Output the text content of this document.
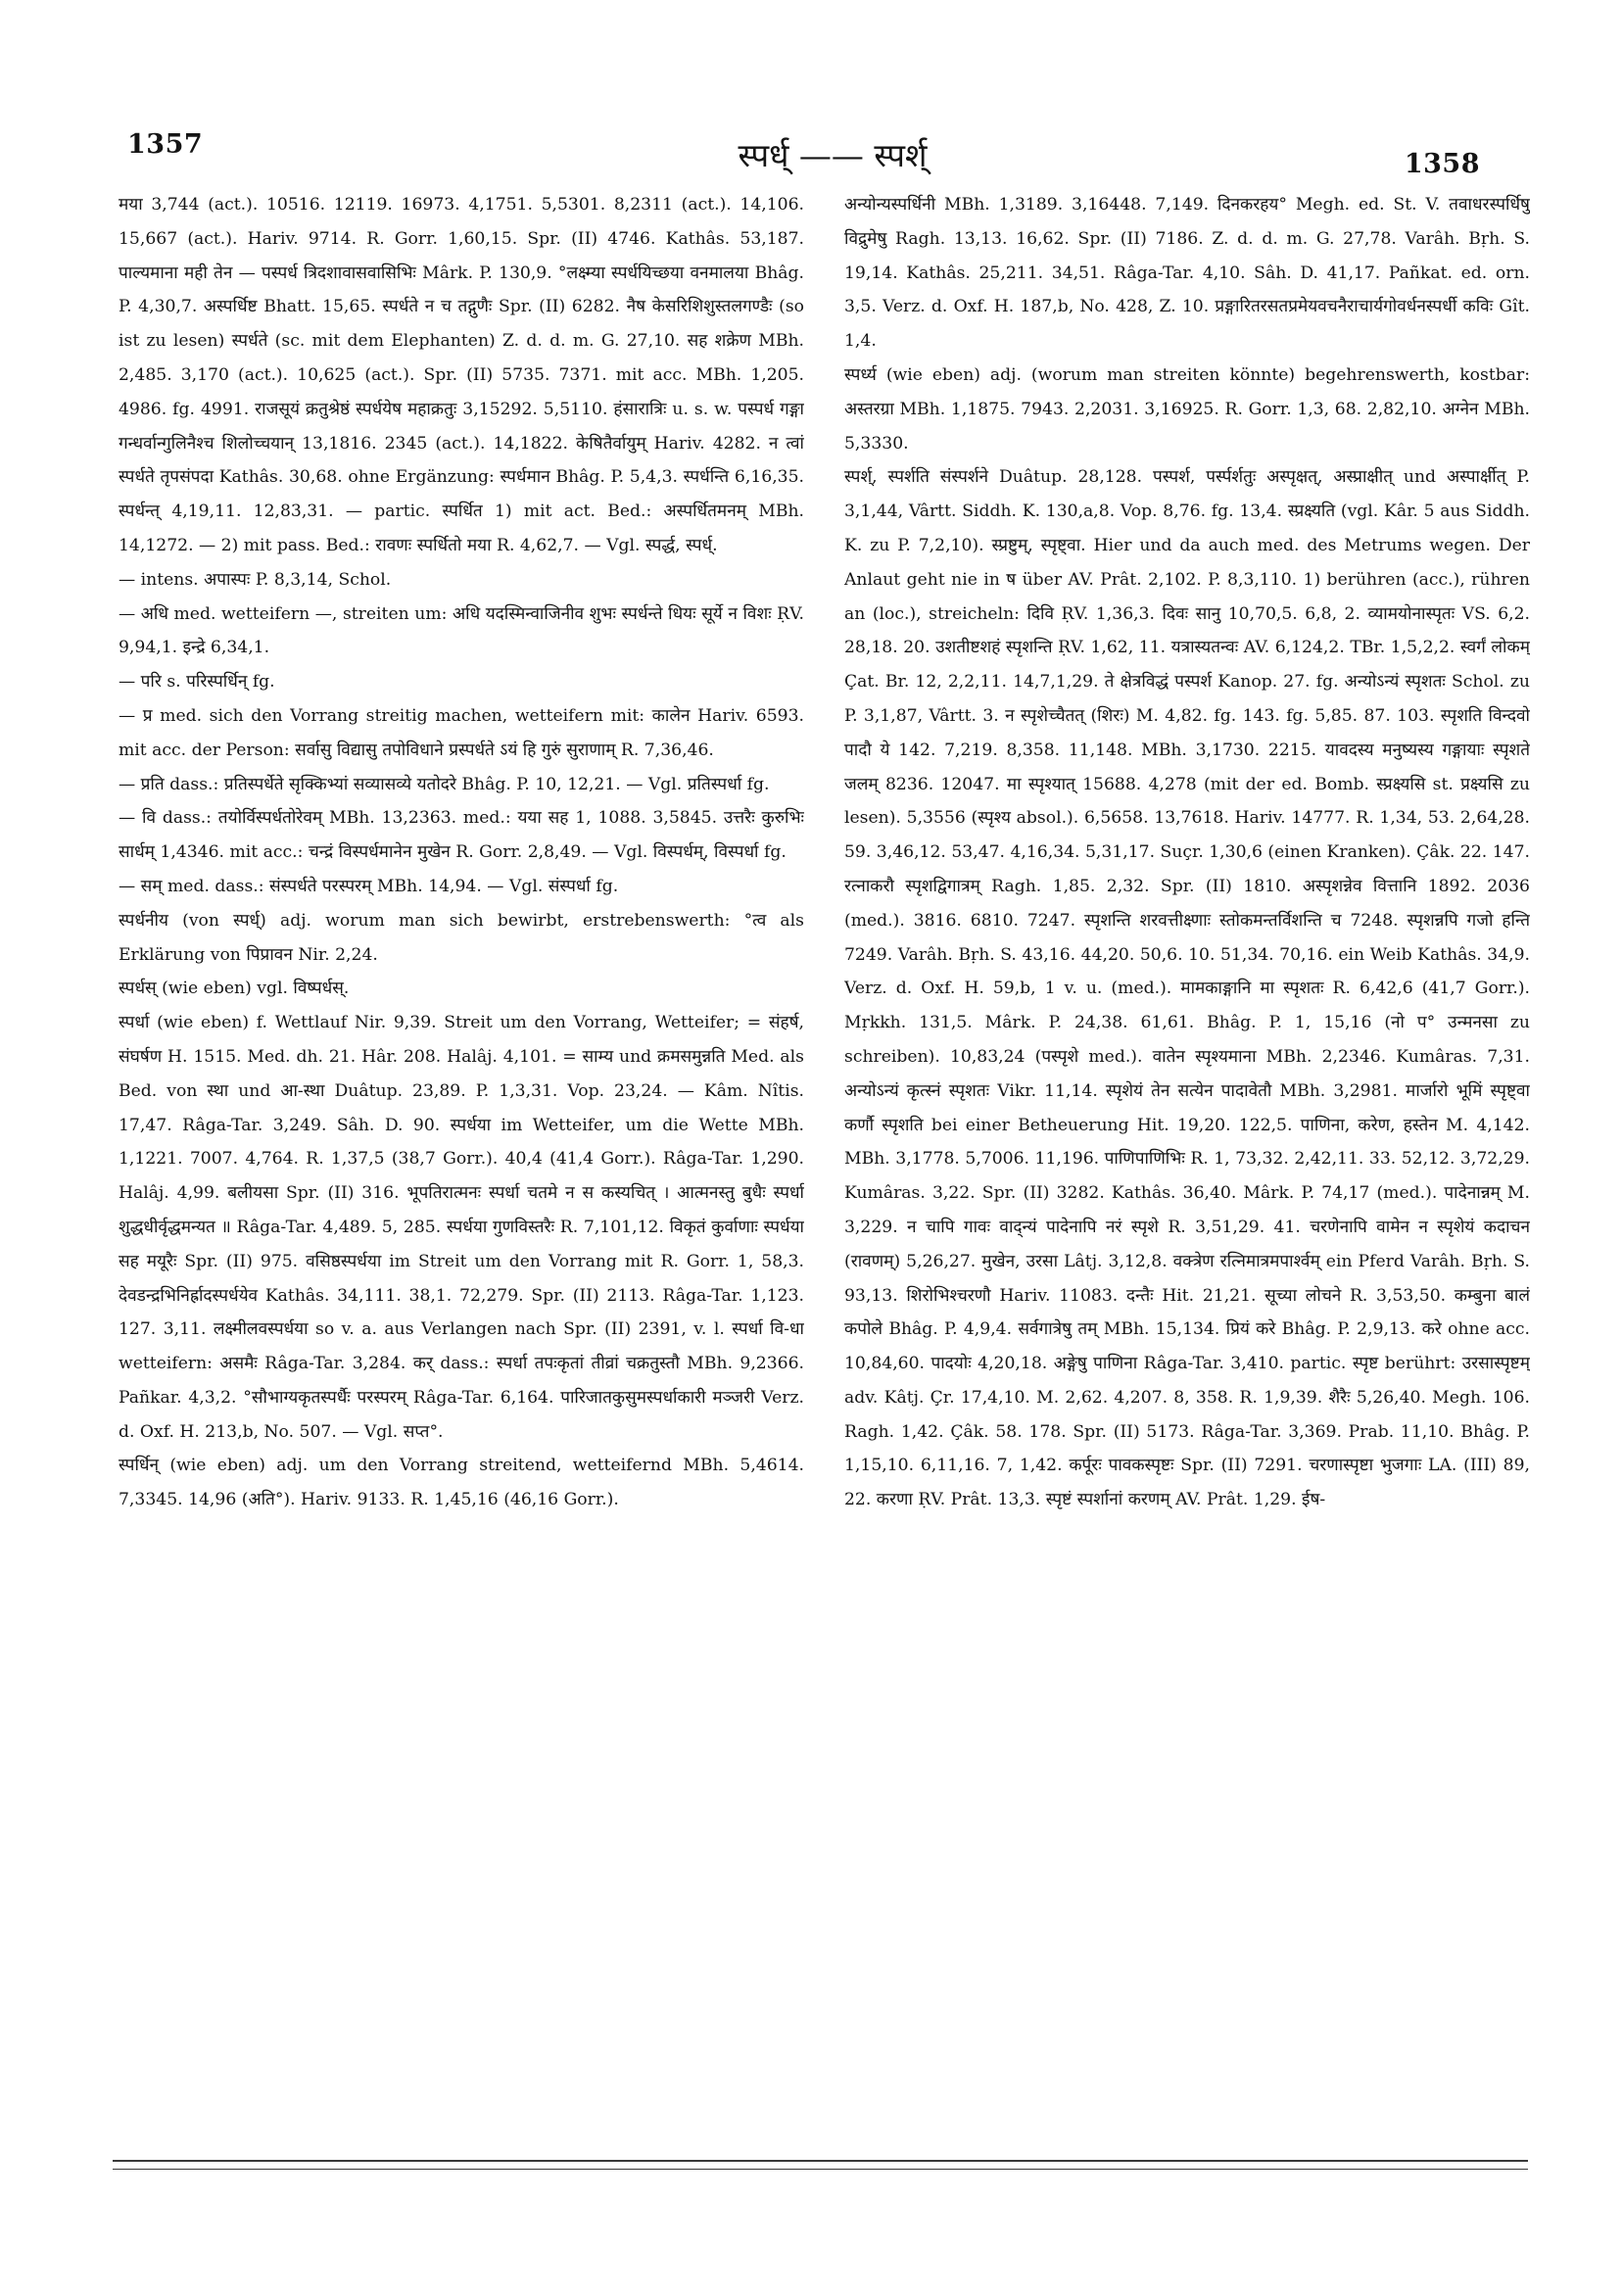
1357	स्पर्ध् —— स्पर्श्	1358

मया 3,744 (act.). 10516. 12119. 16973. 4,1751. 5,5301. 8,2311 (act.). 14,106. 15,667 (act.). Hariv. 9714. R. Gorr. 1,60,15. Spr. (II) 4746. Kathâs. 53,187. पाल्यमाना मही तेन — पस्पर्ध त्रिदशावासवासिभिः Mârk. P. 130,9. °लक्ष्म्या स्पर्धयिच्छया वनमालया Bhâg. P. 4,30,7. अस्पर्धिष्ट Bhatt. 15,65. स्पर्धते न च तद्गुणैः Spr. (II) 6282. नैष केसरिशिशुस्तलगण्डैः (so ist zu lesen) स्पर्धते (sc. mit dem Elephanten) Z. d. d. m. G. 27,10. सह शक्रेण MBh. 2,485. 3,170 (act.). 10,625 (act.). Spr. (II) 5735. 7371. mit acc. MBh. 1,205. 4986. fg. 4991. राजसूयं क्रतुश्रेष्ठं स्पर्धयेष महाक्रतुः 3,15292. 5,5110. हंसारात्रिः u. s. w. पस्पर्ध गङ्गा गन्धर्वान्गुलिनैश्च शिलोच्चयान् 13,1816. 2345 (act.). 14,1822. केषितैर्वायुम् Hariv. 4282. न त्वां स्पर्धते तृपसंपदा Kathâs. 30,68. ohne Ergänzung: स्पर्धमान Bhâg. P. 5,4,3. स्पर्धन्ति 6,16,35. स्पर्धन्त् 4,19,11. 12,83,31. — partic. स्पर्धित 1) mit act. Bed.: अस्पर्धितमनम् MBh. 14,1272. — 2) mit pass. Bed.: रावणः स्पर्धितो मया R. 4,62,7. — Vgl. स्पर्द्ध, स्पर्ध्.

— intens. अपास्पः P. 8,3,14, Schol.

— अधि med. wetteifern —, streiten um: अधि यदस्मिन्वाजिनीव शुभः स्पर्धन्ते धियः सूर्ये न विशः ṚV. 9,94,1. इन्द्रे 6,34,1.

— परि s. परिस्पर्धिन् fg.

— प्र med. sich den Vorrang streitig machen, wetteifern mit: कालेन Hariv. 6593. mit acc. der Person: सर्वासु विद्यासु तपोविधाने प्रस्पर्धते ऽयं हि गुरुं सुराणाम् R. 7,36,46.

— प्रति dass.: प्रतिस्पर्धेते सृक्किभ्यां सव्यासव्ये यतोदरे Bhâg. P. 10, 12,21. — Vgl. प्रतिस्पर्धा fg.

— वि dass.: तयोर्विस्पर्धतोरेवम् MBh. 13,2363. med.: यया सह 1, 1088. 3,5845. उत्तरैः कुरुभिः सार्धम् 1,4346. mit acc.: चन्द्रं विस्पर्धमानेन मुखेन R. Gorr. 2,8,49. — Vgl. विस्पर्धम्, विस्पर्धा fg.

— सम् med. dass.: संस्पर्धते परस्परम् MBh. 14,94. — Vgl. संस्पर्धा fg.

स्पर्धनीय (von स्पर्ध्) adj. worum man sich bewirbt, erstrebenswerth: °त्व als Erklärung von पिप्रावन Nir. 2,24.

स्पर्धस् (wie eben) vgl. विष्पर्धस्.

स्पर्धा (wie eben) f. Wettlauf Nir. 9,39. Streit um den Vorrang, Wetteifer; = संहर्ष, संघर्षण H. 1515. Med. dh. 21. Hâr. 208. Halâj. 4,101. = साम्य und क्रमसमुन्नति Med. als Bed. von स्था und आ-स्था Duâtup. 23,89. P. 1,3,31. Vop. 23,24. — Kâm. Nîtis. 17,47. Râga-Tar. 3,249. Sâh. D. 90. स्पर्धया im Wetteifer, um die Wette MBh. 1,1221. 7007. 4,764. R. 1,37,5 (38,7 Gorr.). 40,4 (41,4 Gorr.). Râga-Tar. 1,290. Halâj. 4,99. बलीयसा Spr. (II) 316. भूपतिरात्मनः स्पर्धा चतमे न स कस्यचित् । आत्मनस्तु बुधैः स्पर्धा शुद्धधीर्वृद्धमन्यत ॥ Râga-Tar. 4,489. 5, 285. स्पर्धया गुणविस्तरैः R. 7,101,12. विकृतं कुर्वाणाः स्पर्धया सह मयूरैः Spr. (II) 975. वसिष्ठस्पर्धया im Streit um den Vorrang mit R. Gorr. 1, 58,3. देवडन्द्रभिनिर्ह्रादस्पर्धयेव Kathâs. 34,111. 38,1. 72,279. Spr. (II) 2113. Râga-Tar. 1,123. 127. 3,11. लक्ष्मीलवस्पर्धया so v. a. aus Verlangen nach Spr. (II) 2391, v. l. स्पर्धा वि-धा wetteifern: असमैः Râga-Tar. 3,284. कर् dass.: स्पर्धा तपःकृतां तीव्रां चक्रतुस्तौ MBh. 9,2366. Pañkar. 4,3,2. °सौभाग्यकृतस्पर्धैः परस्परम् Râga-Tar. 6,164. पारिजातकुसुमस्पर्धाकारी मञ्जरी Verz. d. Oxf. H. 213,b, No. 507. — Vgl. सप्त°.

स्पर्धिन् (wie eben) adj. um den Vorrang streitend, wetteifernd MBh. 5,4614. 7,3345. 14,96 (अति°). Hariv. 9133. R. 1,45,16 (46,16 Gorr.).

अन्योन्यस्पर्धिनी MBh. 1,3189. 3,16448. 7,149. दिनकरहय° Megh. ed. St. V. तवाधरस्पर्धिषु विद्रुमेषु Ragh. 13,13. 16,62. Spr. (II) 7186. Z. d. d. m. G. 27,78. Varâh. Bṛh. S. 19,14. Kathâs. 25,211. 34,51. Râga-Tar. 4,10. Sâh. D. 41,17. Pañkat. ed. orn. 3,5. Verz. d. Oxf. H. 187,b, No. 428, Z. 10. प्रङ्गारितरसतप्रमेयवचनैराचार्यगोवर्धनस्पर्धी कविः Gît. 1,4.

स्पर्ध्य (wie eben) adj. (worum man streiten könnte) begehrenswerth, kostbar: अस्तरग्रा MBh. 1,1875. 7943. 2,2031. 3,16925. R. Gorr. 1,3, 68. 2,82,10. अग्नेन MBh. 5,3330.

स्पर्श्, स्पर्शति संस्पर्शने Duâtup. 28,128. पस्पर्श, पर्स्पर्शतुः अस्पृक्षत्, अस्प्राक्षीत् und अस्पार्क्षीत् P. 3,1,44, Vârtt. Siddh. K. 130,a,8. Vop. 8,76. fg. 13,4. स्प्रक्ष्यति (vgl. Kâr. 5 aus Siddh. K. zu P. 7,2,10). स्प्रष्टुम्, स्पृष्ट्वा. Hier und da auch med. des Metrums wegen. Der Anlaut geht nie in ष über AV. Prât. 2,102. P. 8,3,110. 1) berühren (acc.), rühren an (loc.), streicheln: दिवि ṚV. 1,36,3. दिवः सानु 10,70,5. 6,8, 2. व्यामयोनास्पृतः VS. 6,2. 28,18. 20. उशतीष्टशहं स्पृशन्ति ṚV. 1,62, 11. यत्रास्यतन्वः AV. 6,124,2. TBr. 1,5,2,2. स्वर्गं लोकम् Çat. Br. 12, 2,2,11. 14,7,1,29. ते क्षेत्रविद्धं पस्पर्श Kanop. 27. fg. अन्योऽन्यं स्पृशतः Schol. zu P. 3,1,87, Vârtt. 3. न स्पृशेच्चैतत् (शिरः) M. 4,82. fg. 143. fg. 5,85. 87. 103. स्पृशति विन्दवो पादौ ये 142. 7,219. 8,358. 11,148. MBh. 3,1730. 2215. यावदस्य मनुष्यस्य गङ्गायाः स्पृशते जलम् 8236. 12047. मा स्पृश्यात् 15688. 4,278 (mit der ed. Bomb. स्प्रक्ष्यसि st. प्रक्ष्यसि zu lesen). 5,3556 (स्पृश्य absol.). 6,5658. 13,7618. Hariv. 14777. R. 1,34, 53. 2,64,28. 59. 3,46,12. 53,47. 4,16,34. 5,31,17. Suçr. 1,30,6 (einen Kranken). Çâk. 22. 147. रत्नाकरौ स्पृशद्विगात्रम् Ragh. 1,85. 2,32. Spr. (II) 1810. अस्पृशन्नेव वित्तानि 1892. 2036 (med.). 3816. 6810. 7247. स्पृशन्ति शरवत्तीक्ष्णाः स्तोकमन्तर्विशन्ति च 7248. स्पृशन्नपि गजो हन्ति 7249. Varâh. Bṛh. S. 43,16. 44,20. 50,6. 10. 51,34. 70,16. ein Weib Kathâs. 34,9. Verz. d. Oxf. H. 59,b, 1 v. u. (med.). मामकाङ्गानि मा स्पृशतः R. 6,42,6 (41,7 Gorr.). Mṛkkh. 131,5. Mârk. P. 24,38. 61,61. Bhâg. P. 1, 15,16 (नो प° उन्मनसा zu schreiben). 10,83,24 (पस्पृशे med.). वातेन स्पृश्यमाना MBh. 2,2346. Kumâras. 7,31. अन्योऽन्यं कृत्स्नं स्पृशतः Vikr. 11,14. स्पृशेयं तेन सत्येन पादावेतौ MBh. 3,2981. मार्जारो भूमिं स्पृष्ट्वा कर्णौ स्पृशति bei einer Betheuerung Hit. 19,20. 122,5. पाणिना, करेण, हस्तेन M. 4,142. MBh. 3,1778. 5,7006. 11,196. पाणिपाणिभिः R. 1, 73,32. 2,42,11. 33. 52,12. 3,72,29. Kumâras. 3,22. Spr. (II) 3282. Kathâs. 36,40. Mârk. P. 74,17 (med.). पादेनान्नम् M. 3,229. न चापि गावः वाद्न्यं पादेनापि नरं स्पृशे R. 3,51,29. 41. चरणेनापि वामेन न स्पृशेयं कदाचन (रावणम्) 5,26,27. मुखेन, उरसा Lâtj. 3,12,8. वक्त्रेण रत्निमात्रमपार्श्वम् ein Pferd Varâh. Bṛh. S. 93,13. शिरोभिश्चरणौ Hariv. 11083. दन्तैः Hit. 21,21. सूच्या लोचने R. 3,53,50. कम्बुना बालं कपोले Bhâg. P. 4,9,4. सर्वगात्रेषु तम् MBh. 15,134. प्रियं करे Bhâg. P. 2,9,13. करे ohne acc. 10,84,60. पादयोः 4,20,18. अङ्गेषु पाणिना Râga-Tar. 3,410. partic. स्पृष्ट berührt: उरसास्पृष्टम् adv. Kâtj. Çr. 17,4,10. M. 2,62. 4,207. 8, 358. R. 1,9,39. शैरैः 5,26,40. Megh. 106. Ragh. 1,42. Çâk. 58. 178. Spr. (II) 5173. Râga-Tar. 3,369. Prab. 11,10. Bhâg. P. 1,15,10. 6,11,16. 7, 1,42. कर्पूरः पावकस्पृष्टः Spr. (II) 7291. चरणास्पृष्टा भुजगाः LA. (III) 89, 22. करणा ṚV. Prât. 13,3. स्पृष्टं स्पर्शानां करणम् AV. Prât. 1,29. ईष-
